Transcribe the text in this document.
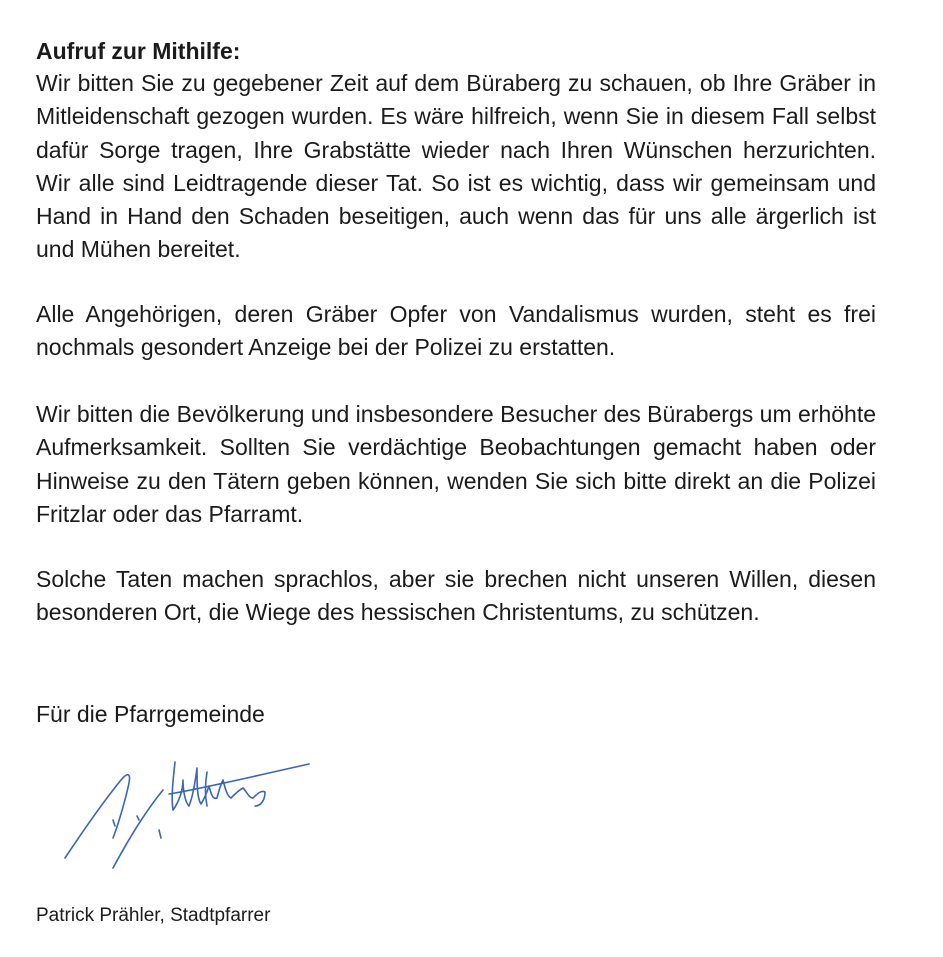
Aufruf zur Mithilfe:

Wir bitten Sie zu gegebener Zeit auf dem Büraberg zu schauen, ob Ihre Gräber in Mitleidenschaft gezogen wurden. Es wäre hilfreich, wenn Sie in diesem Fall selbst dafür Sorge tragen, Ihre Grabstätte wieder nach Ihren Wünschen herzurichten. Wir alle sind Leidtragende dieser Tat. So ist es wichtig, dass wir gemeinsam und Hand in Hand den Schaden beseitigen, auch wenn das für uns alle ärgerlich ist und Mühen bereitet.

Alle Angehörigen, deren Gräber Opfer von Vandalismus wurden, steht es frei nochmals gesondert Anzeige bei der Polizei zu erstatten.

Wir bitten die Bevölkerung und insbesondere Besucher des Bürabergs um erhöhte Aufmerksamkeit. Sollten Sie verdächtige Beobachtungen gemacht haben oder Hinweise zu den Tätern geben können, wenden Sie sich bitte direkt an die Polizei Fritzlar oder das Pfarramt.

Solche Taten machen sprachlos, aber sie brechen nicht unseren Willen, diesen besonderen Ort, die Wiege des hessischen Christentums, zu schützen.

Für die Pfarrgemeinde

Patrick Prähler, Stadtpfarrer
